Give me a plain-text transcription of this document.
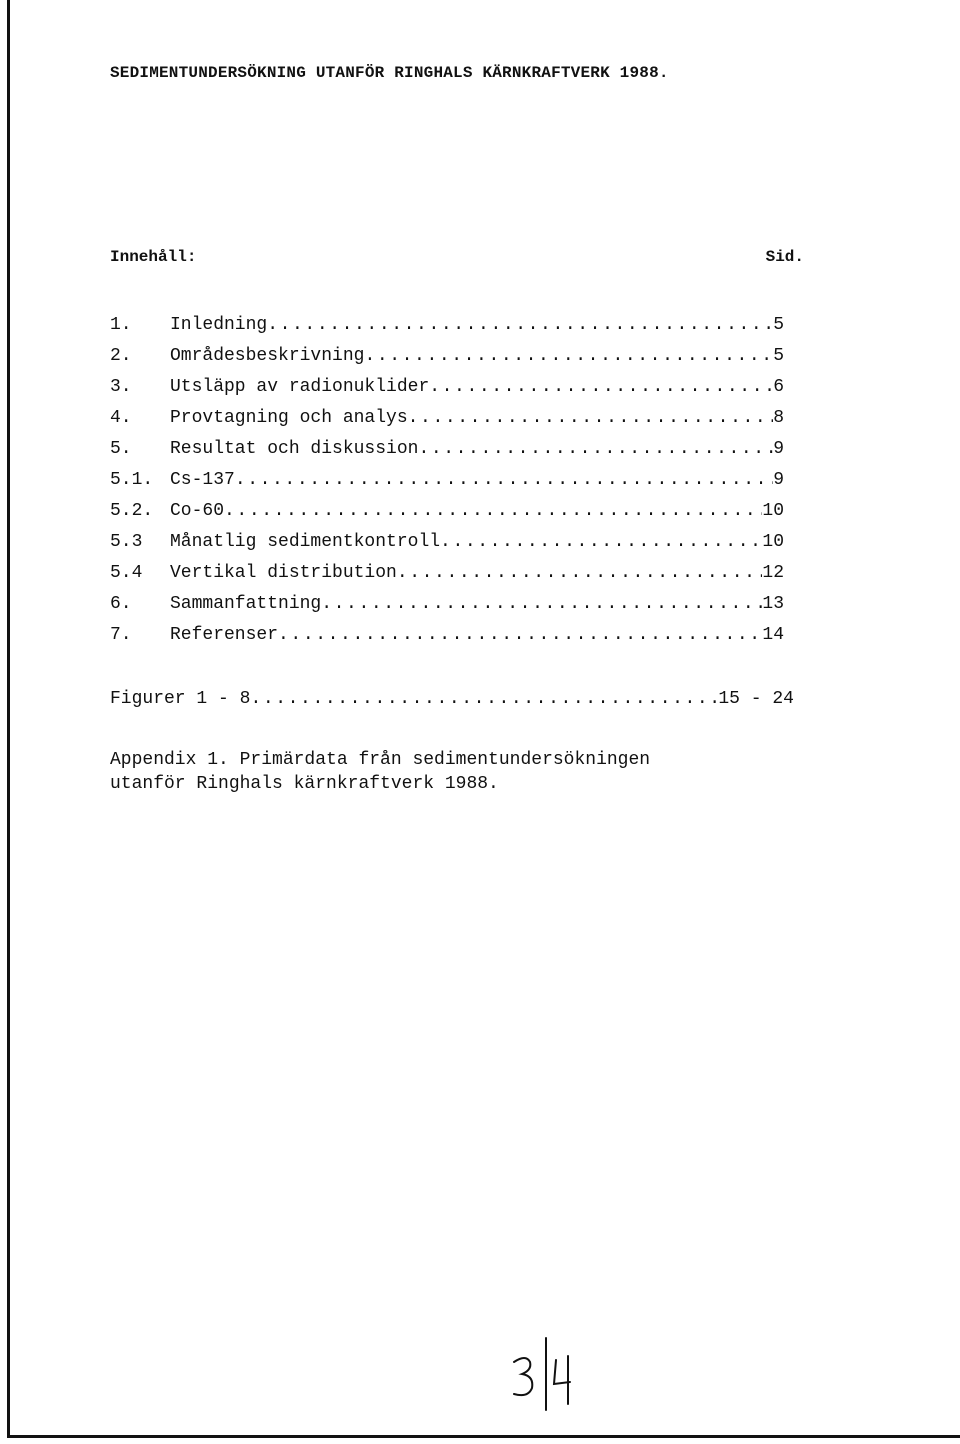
SEDIMENTUNDERSÖKNING UTANFÖR RINGHALS KÄRNKRAFTVERK 1988.
Innehåll:	Sid.
1. Inledning .....	5
2. Områdesbeskrivning .....	5
3. Utsläpp av radionuklider .....	6
4. Provtagning och analys .....	8
5. Resultat och diskussion .....	9
5.1. Cs-137 .....	9
5.2. Co-60 .....	10
5.3 Månatlig sedimentkontroll .....	10
5.4 Vertikal distribution .....	12
6. Sammanfattning .....	13
7. Referenser .....	14
Figurer 1 - 8 .....	15 - 24
Appendix 1. Primärdata från sedimentundersökningen
utanför Ringhals kärnkraftverk 1988.
